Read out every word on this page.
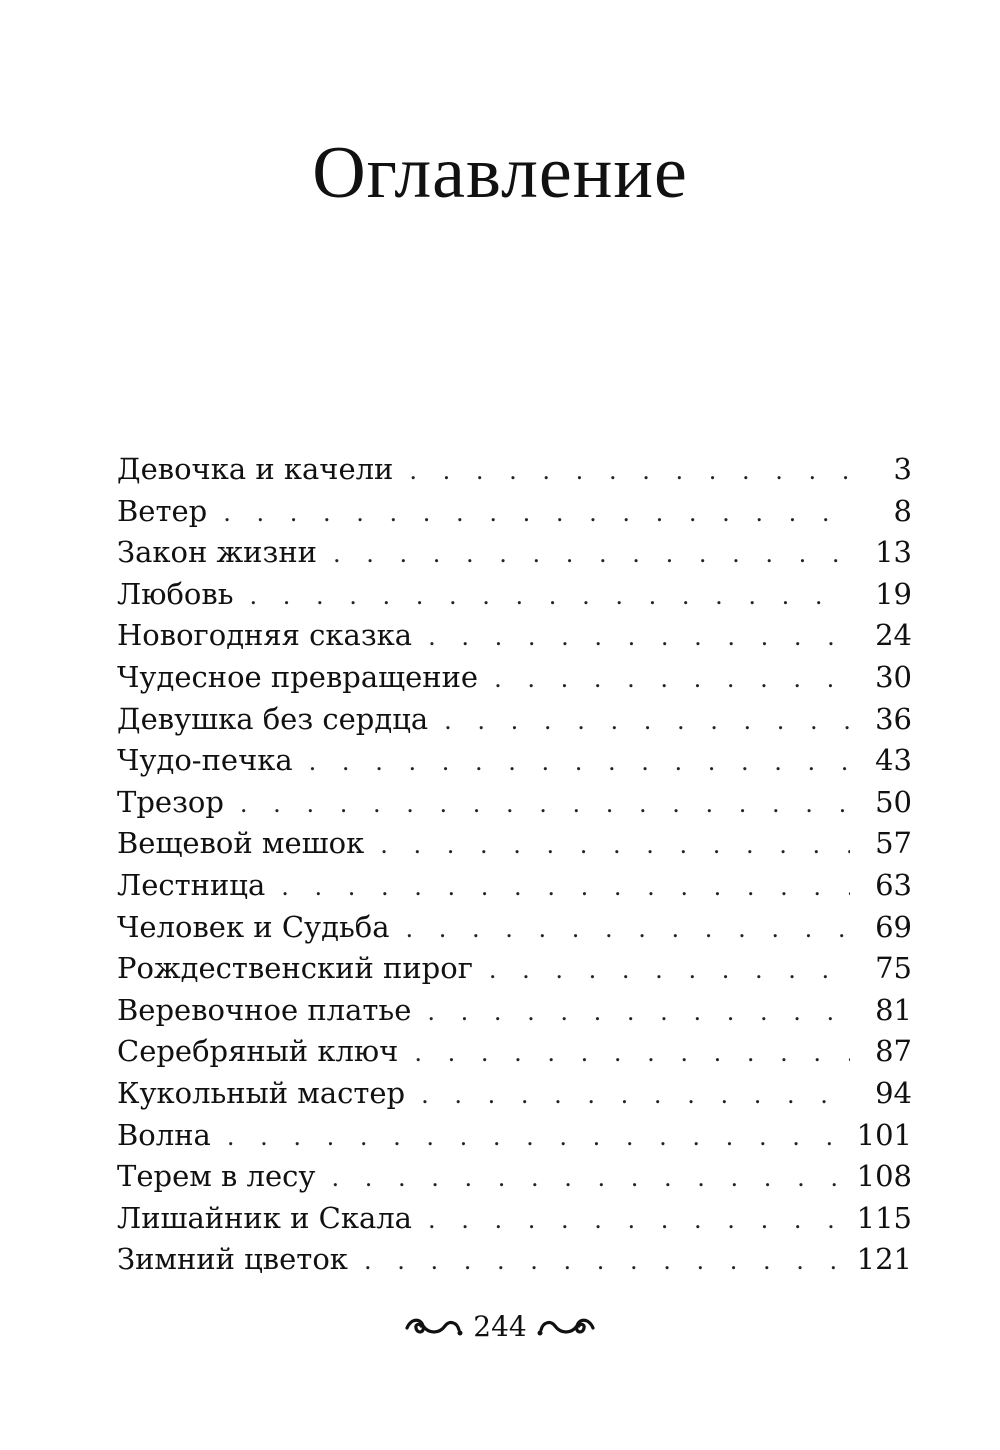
Оглавление
Девочка и качели . . .	3
Ветер . . .	8
Закон жизни . . .	13
Любовь . . .	19
Новогодняя сказка . . .	24
Чудесное превращение . . .	30
Девушка без сердца . . .	36
Чудо-печка . . .	43
Трезор . . .	50
Вещевой мешок . . .	57
Лестница . . .	63
Человек и Судьба . . .	69
Рождественский пирог . . .	75
Веревочное платье . . .	81
Серебряный ключ . . .	87
Кукольный мастер . . .	94
Волна . . .	101
Терем в лесу . . .	108
Лишайник и Скала . . .	115
Зимний цветок . . .	121
244
